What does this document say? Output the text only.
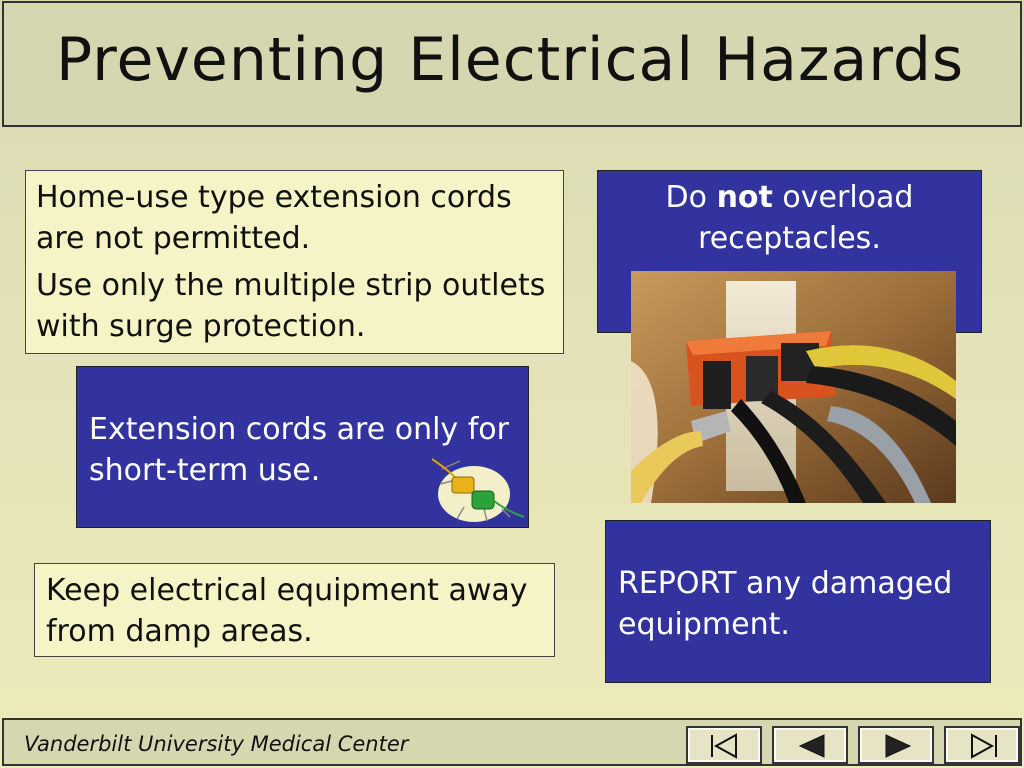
Preventing Electrical Hazards
Home-use type extension cords are not permitted.
Use only the multiple strip outlets with surge protection.
Do not overload receptacles.
Extension cords are only for short-term use.
Keep electrical equipment away from damp areas.
REPORT any damaged equipment.
Vanderbilt University Medical Center
